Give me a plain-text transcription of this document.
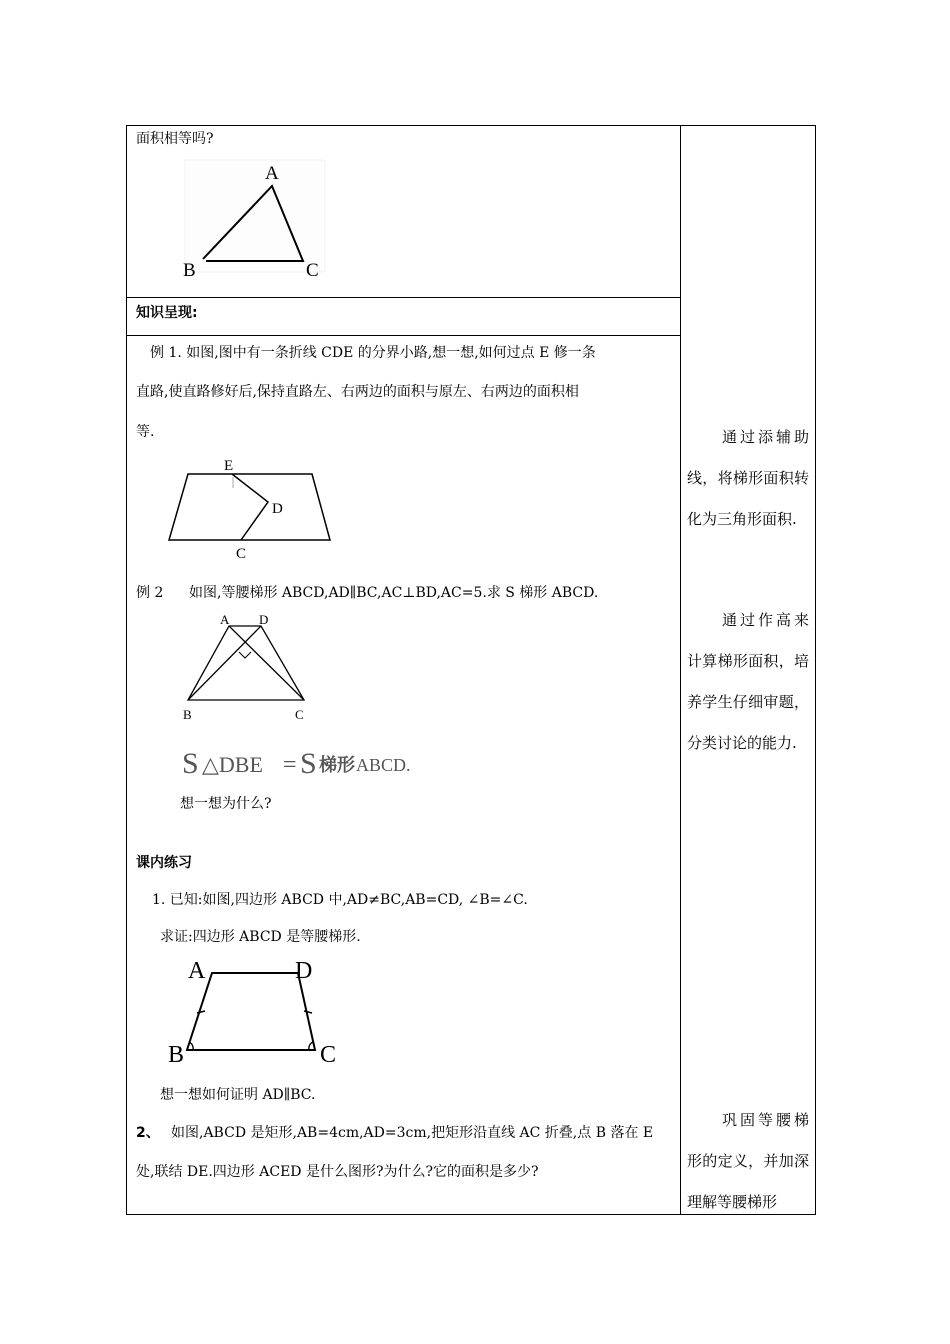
面积相等吗?
A
B	C
知识呈现:
例 1. 如图,图中有一条折线 CDE 的分界小路,想一想,如何过点 E 修一条
直路,使直路修好后,保持直路左、右两边的面积与原左、右两边的面积相
等.
E
D
C
例 2 如图,等腰梯形 ABCD,AD∥BC,AC⊥BD,AC=5.求 S 梯形 ABCD.
A D
B	C
S △DBE = S 梯形 ABCD.
想一想为什么?
课内练习
1. 已知:如图,四边形 ABCD 中,AD≠BC,AB=CD, ∠B=∠C.
求证:四边形 ABCD 是等腰梯形.
A	D
B	C
想一想如何证明 AD∥BC.
2、 如图,ABCD 是矩形,AB=4cm,AD=3cm,把矩形沿直线 AC 折叠,点 B 落在 E
处,联结 DE.四边形 ACED 是什么图形?为什么?它的面积是多少?
通过添辅助线，将梯形面积转化为三角形面积.
通过作高来计算梯形面积，培养学生仔细审题，分类讨论的能力.
巩固等腰梯形的定义，并加深理解等腰梯形
